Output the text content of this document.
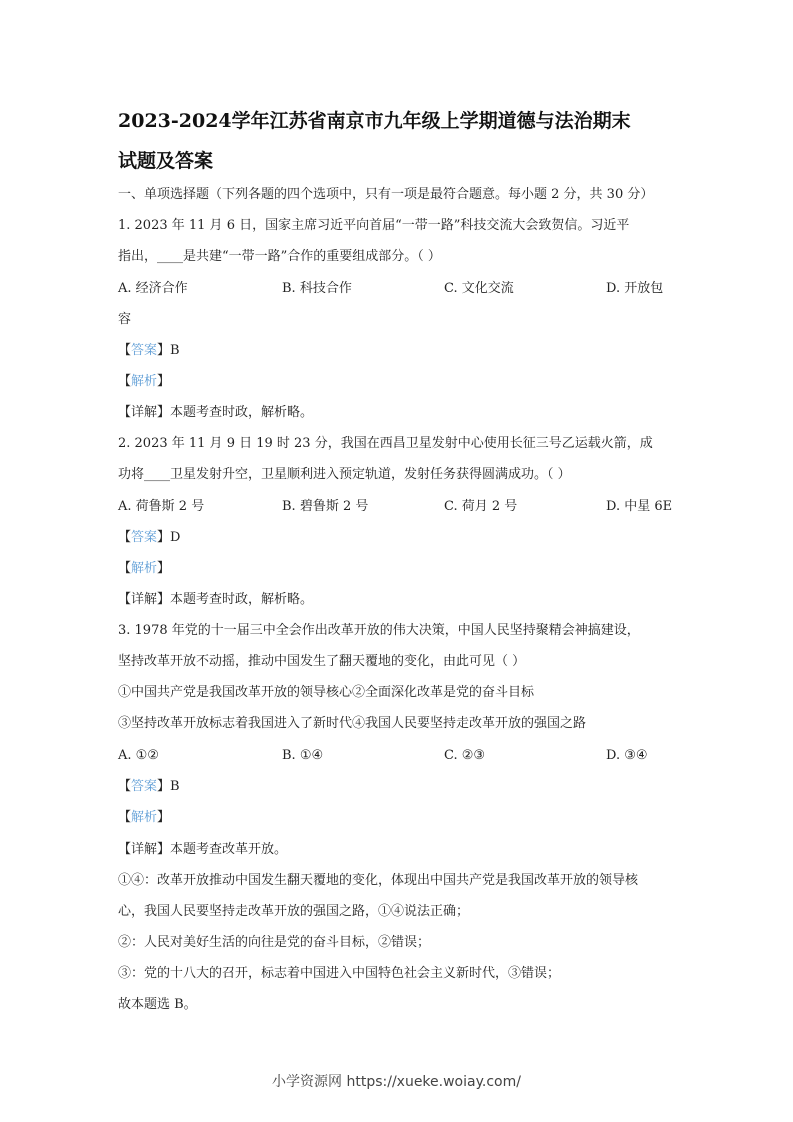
2023-2024学年江苏省南京市九年级上学期道德与法治期末
试题及答案
一、单项选择题（下列各题的四个选项中，只有一项是最符合题意。每小题 2 分，共 30 分）
1. 2023 年 11 月 6 日，国家主席习近平向首届“一带一路”科技交流大会致贺信。习近平
指出，____是共建“一带一路”合作的重要组成部分。（ ）
A. 经济合作	B. 科技合作	C. 文化交流	D. 开放包
容
【答案】B
【解析】
【详解】本题考查时政，解析略。
2. 2023 年 11 月 9 日 19 时 23 分，我国在西昌卫星发射中心使用长征三号乙运载火箭，成
功将____卫星发射升空，卫星顺利进入预定轨道，发射任务获得圆满成功。（ ）
A. 荷鲁斯 2 号	B. 碧鲁斯 2 号	C. 荷月 2 号	D. 中星 6E
【答案】D
【解析】
【详解】本题考查时政，解析略。
3. 1978 年党的十一届三中全会作出改革开放的伟大决策，中国人民坚持聚精会神搞建设，
坚持改革开放不动摇，推动中国发生了翻天覆地的变化，由此可见（ ）
①中国共产党是我国改革开放的领导核心②全面深化改革是党的奋斗目标
③坚持改革开放标志着我国进入了新时代④我国人民要坚持走改革开放的强国之路
A. ①②	B. ①④	C. ②③	D. ③④
【答案】B
【解析】
【详解】本题考查改革开放。
①④：改革开放推动中国发生翻天覆地的变化，体现出中国共产党是我国改革开放的领导核
心，我国人民要坚持走改革开放的强国之路，①④说法正确；
②：人民对美好生活的向往是党的奋斗目标，②错误；
③：党的十八大的召开，标志着中国进入中国特色社会主义新时代，③错误；
故本题选 B。
小学资源网 https://xueke.woiay.com/
